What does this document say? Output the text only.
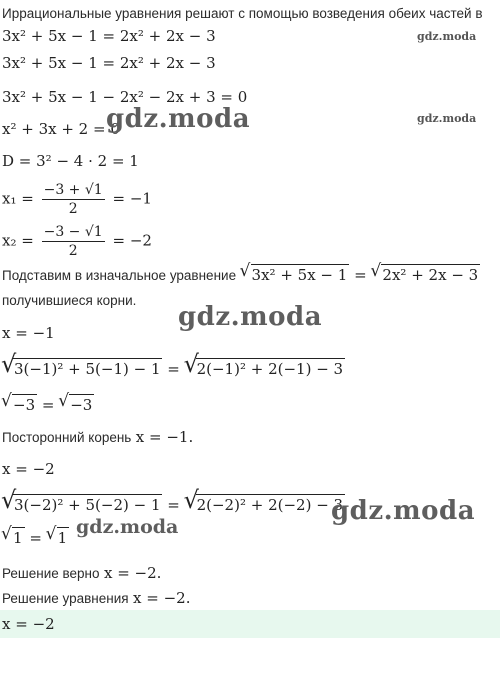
Иррациональные уравнения решают с помощью возведения обеих частей в
3x² + 5x − 1 = 2x² + 2x − 3	gdz.moda
3x² + 5x − 1 = 2x² + 2x − 3
3x² + 5x − 1 − 2x² − 2x + 3 = 0
x² + 3x + 2 = 0
gdz.moda	gdz.moda
D = 3² − 4 · 2 = 1
$x_1 = \frac{-3 + √1}{2} = -1$
$x_2 = \frac{-3 - √1}{2} = -2$
Подставим в изначальное уравнение √ 3x² + 5x − 1 = √ 2x² + 2x − 3
получившиеся корни.
gdz.moda
x = −1
√ 3(−1)² + 5(−1) − 1 = √ 2(−1)² + 2(−1) − 3
√ −3 = √ −3
Посторонний корень x = −1.
x = −2
√ 3(−2)² + 5(−2) − 1 = √ 2(−2)² + 2(−2) − 3
gdz.moda
√ 1 = √ 1 gdz.moda
Решение верно x = −2.
Решение уравнения x = −2.
x = −2
